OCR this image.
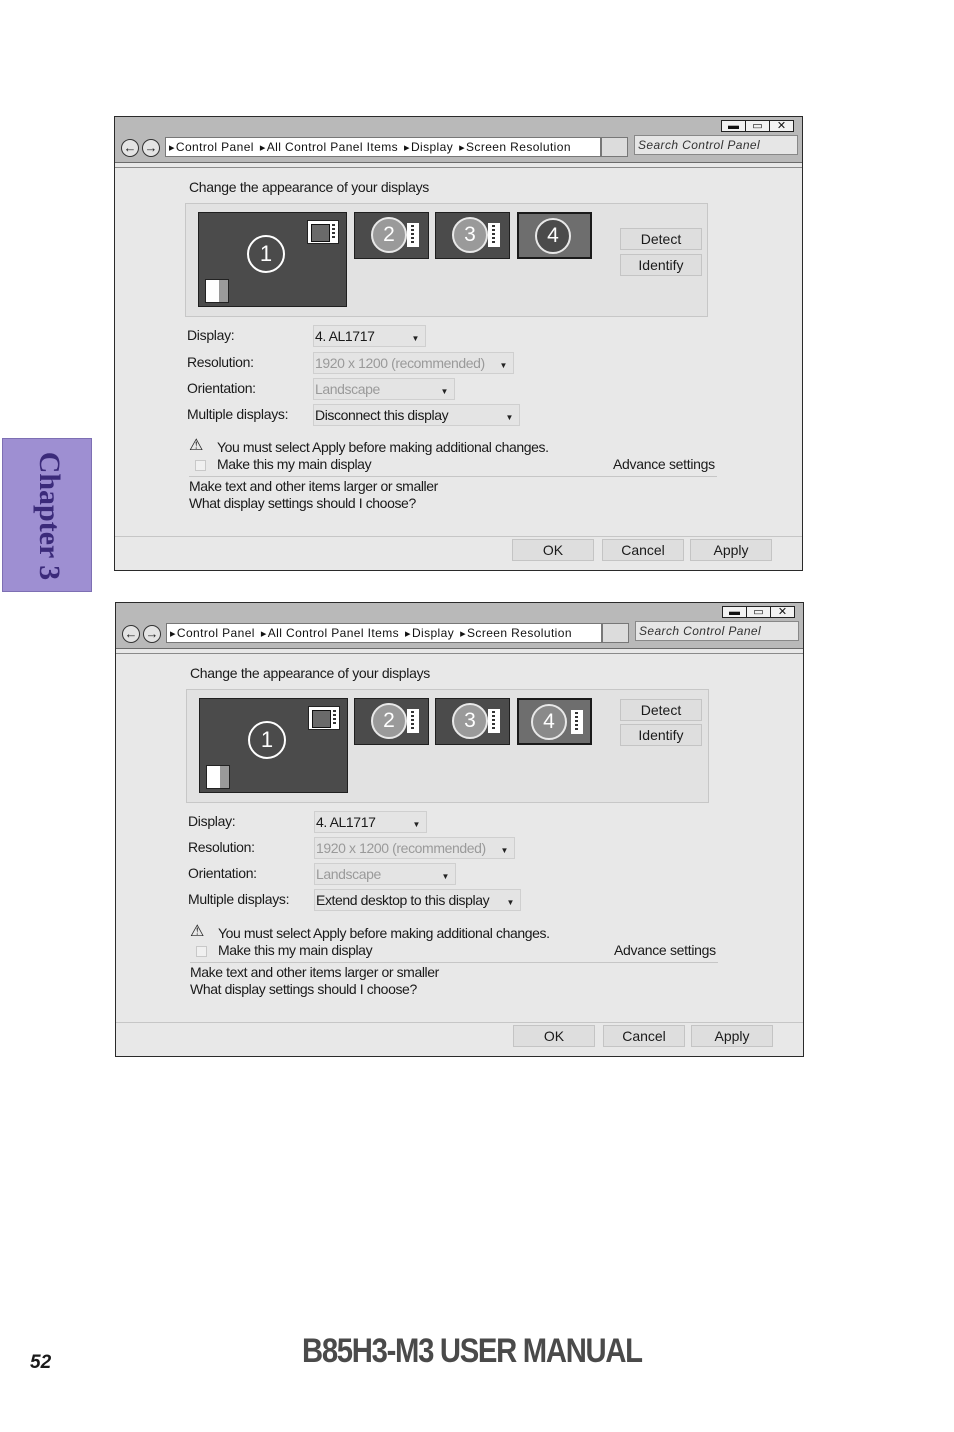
Chapter 3
▬	▭	✕
← →	▸ Control Panel ▸ All Control Panel Items ▸ Display ▸ Screen Resolution	Search Control Panel
Change the appearance of your displays
1
2	3	4	Detect
Identify
Display:	4. AL1717	▼
Resolution:	1920 x 1200 (recommended) ▼
Orientation:	Landscape	▼
Multiple displays: Disconnect this display	▼
⚠ You must select Apply before making additional changes.
Make this my main display	Advance settings
Make text and other items larger or smaller
What display settings should I choose?
OK	Cancel	Apply
▬	▭	✕
← →	▸ Control Panel ▸ All Control Panel Items ▸ Display ▸ Screen Resolution	Search Control Panel
Change the appearance of your displays
1
2	3	4	Detect
Identify
Display:	4. AL1717	▼
Resolution:	1920 x 1200 (recommended) ▼
Orientation:	Landscape	▼
Multiple displays: Extend desktop to this display ▼
⚠ You must select Apply before making additional changes.
Make this my main display	Advance settings
Make text and other items larger or smaller
What display settings should I choose?
OK	Cancel	Apply
52	B85H3-M3 USER MANUAL
